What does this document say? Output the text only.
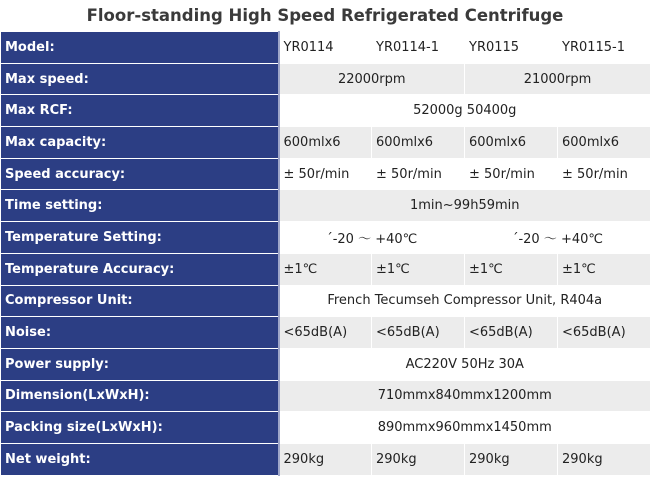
Floor-standing High Speed Refrigerated Centrifuge
Model:	YR0114	YR0114-1	YR0115	YR0115-1
Max speed:	22000rpm		21000rpm	
Max RCF:	52000g 50400g			
Max capacity:	600mlx6	600mlx6	600mlx6	600mlx6
Speed accuracy:	± 50r/min	± 50r/min	± 50r/min	± 50r/min
Time setting:	1min~99h59min			
Temperature Setting:	´-20 ～ +40℃		´-20 ～ +40℃	
Temperature Accuracy:	±1℃	±1℃	±1℃	±1℃
Compressor Unit:	French Tecumseh Compressor Unit, R404a			
Noise:	<65dB(A)	<65dB(A)	<65dB(A)	<65dB(A)
Power supply:	AC220V 50Hz 30A			
Dimension(LxWxH):	710mmx840mmx1200mm			
Packing size(LxWxH):	890mmx960mmx1450mm			
Net weight:	290kg	290kg	290kg	290kg
